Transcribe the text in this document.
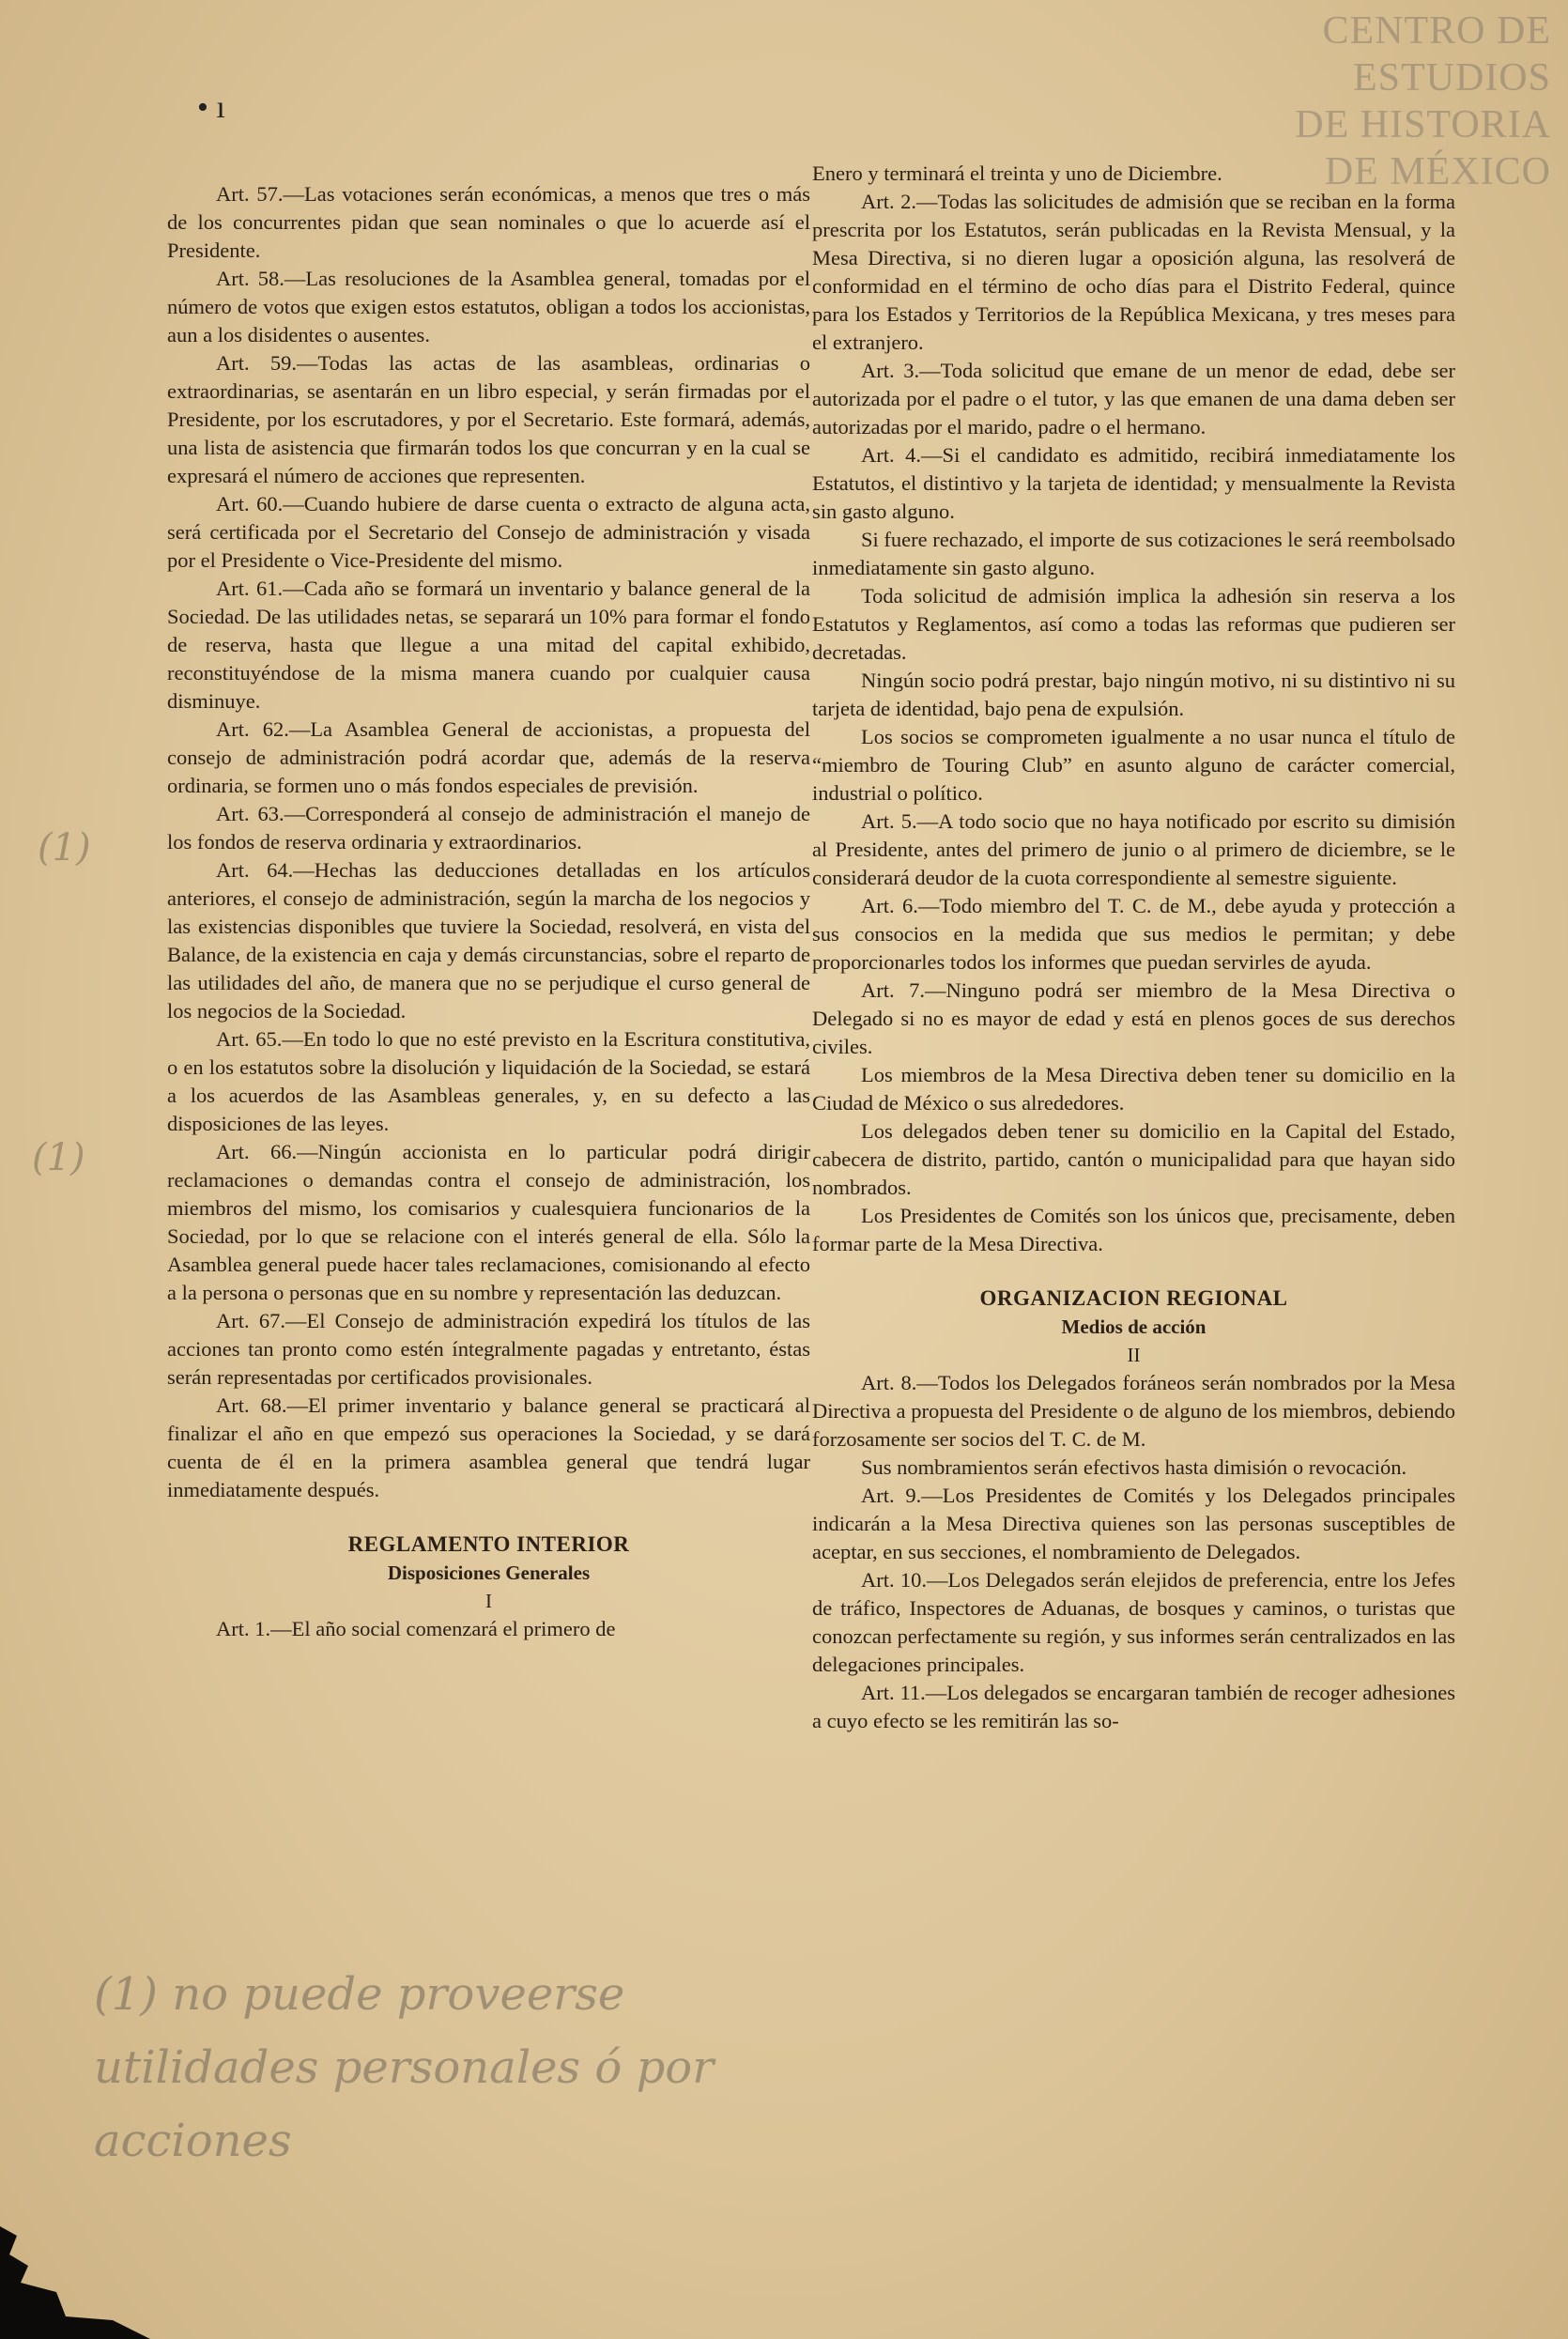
CENTRO DE
ESTUDIOS
DE HISTORIA
DE MÉXICO
• ı
(1)
(1)

Art. 57.—Las votaciones serán económicas, a menos que tres o más de los concurrentes pidan que sean nominales o que lo acuerde así el Presidente.

Art. 58.—Las resoluciones de la Asamblea general, tomadas por el número de votos que exigen estos estatutos, obligan a todos los accionistas, aun a los disidentes o ausentes.

Art. 59.—Todas las actas de las asambleas, ordinarias o extraordinarias, se asentarán en un libro especial, y serán firmadas por el Presidente, por los escrutadores, y por el Secretario. Este formará, además, una lista de asistencia que firmarán todos los que concurran y en la cual se expresará el número de acciones que representen.

Art. 60.—Cuando hubiere de darse cuenta o extracto de alguna acta, será certificada por el Secretario del Consejo de administración y visada por el Presidente o Vice-Presidente del mismo.

Art. 61.—Cada año se formará un inventario y balance general de la Sociedad. De las utilidades netas, se separará un 10% para formar el fondo de reserva, hasta que llegue a una mitad del capital exhibido, reconstituyéndose de la misma manera cuando por cualquier causa disminuye.

Art. 62.—La Asamblea General de accionistas, a propuesta del consejo de administración podrá acordar que, además de la reserva ordinaria, se formen uno o más fondos especiales de previsión.

Art. 63.—Corresponderá al consejo de administración el manejo de los fondos de reserva ordinaria y extraordinarios.

Art. 64.—Hechas las deducciones detalladas en los artículos anteriores, el consejo de administración, según la marcha de los negocios y las existencias disponibles que tuviere la Sociedad, resolverá, en vista del Balance, de la existencia en caja y demás circunstancias, sobre el reparto de las utilidades del año, de manera que no se perjudique el curso general de los negocios de la Sociedad.

Art. 65.—En todo lo que no esté previsto en la Escritura constitutiva, o en los estatutos sobre la disolución y liquidación de la Sociedad, se estará a los acuerdos de las Asambleas generales, y, en su defecto a las disposiciones de las leyes.

Art. 66.—Ningún accionista en lo particular podrá dirigir reclamaciones o demandas contra el consejo de administración, los miembros del mismo, los comisarios y cualesquiera funcionarios de la Sociedad, por lo que se relacione con el interés general de ella. Sólo la Asamblea general puede hacer tales reclamaciones, comisionando al efecto a la persona o personas que en su nombre y representación las deduzcan.

Art. 67.—El Consejo de administración expedirá los títulos de las acciones tan pronto como estén íntegralmente pagadas y entretanto, éstas serán representadas por certificados provisionales.

Art. 68.—El primer inventario y balance general se practicará al finalizar el año en que empezó sus operaciones la Sociedad, y se dará cuenta de él en la primera asamblea general que tendrá lugar inmediatamente después.

REGLAMENTO INTERIOR
Disposiciones Generales
I

Art. 1.—El año social comenzará el primero de

Enero y terminará el treinta y uno de Diciembre.

Art. 2.—Todas las solicitudes de admisión que se reciban en la forma prescrita por los Estatutos, serán publicadas en la Revista Mensual, y la Mesa Directiva, si no dieren lugar a oposición alguna, las resolverá de conformidad en el término de ocho días para el Distrito Federal, quince para los Estados y Territorios de la República Mexicana, y tres meses para el extranjero.

Art. 3.—Toda solicitud que emane de un menor de edad, debe ser autorizada por el padre o el tutor, y las que emanen de una dama deben ser autorizadas por el marido, padre o el hermano.

Art. 4.—Si el candidato es admitido, recibirá inmediatamente los Estatutos, el distintivo y la tarjeta de identidad; y mensualmente la Revista sin gasto alguno.

Si fuere rechazado, el importe de sus cotizaciones le será reembolsado inmediatamente sin gasto alguno.

Toda solicitud de admisión implica la adhesión sin reserva a los Estatutos y Reglamentos, así como a todas las reformas que pudieren ser decretadas.

Ningún socio podrá prestar, bajo ningún motivo, ni su distintivo ni su tarjeta de identidad, bajo pena de expulsión.

Los socios se comprometen igualmente a no usar nunca el título de “miembro de Touring Club” en asunto alguno de carácter comercial, industrial o político.

Art. 5.—A todo socio que no haya notificado por escrito su dimisión al Presidente, antes del primero de junio o al primero de diciembre, se le considerará deudor de la cuota correspondiente al semestre siguiente.

Art. 6.—Todo miembro del T. C. de M., debe ayuda y protección a sus consocios en la medida que sus medios le permitan; y debe proporcionarles todos los informes que puedan servirles de ayuda.

Art. 7.—Ninguno podrá ser miembro de la Mesa Directiva o Delegado si no es mayor de edad y está en plenos goces de sus derechos civiles.

Los miembros de la Mesa Directiva deben tener su domicilio en la Ciudad de México o sus alrededores.

Los delegados deben tener su domicilio en la Capital del Estado, cabecera de distrito, partido, cantón o municipalidad para que hayan sido nombrados.

Los Presidentes de Comités son los únicos que, precisamente, deben formar parte de la Mesa Directiva.

ORGANIZACION REGIONAL
Medios de acción
II

Art. 8.—Todos los Delegados foráneos serán nombrados por la Mesa Directiva a propuesta del Presidente o de alguno de los miembros, debiendo forzosamente ser socios del T. C. de M.

Sus nombramientos serán efectivos hasta dimisión o revocación.

Art. 9.—Los Presidentes de Comités y los Delegados principales indicarán a la Mesa Directiva quienes son las personas susceptibles de aceptar, en sus secciones, el nombramiento de Delegados.

Art. 10.—Los Delegados serán elejidos de preferencia, entre los Jefes de tráfico, Inspectores de Aduanas, de bosques y caminos, o turistas que conozcan perfectamente su región, y sus informes serán centralizados en las delegaciones principales.

Art. 11.—Los delegados se encargaran también de recoger adhesiones a cuyo efecto se les remitirán las so-

(1) no puede proveerse utilidades personales ó por acciones
